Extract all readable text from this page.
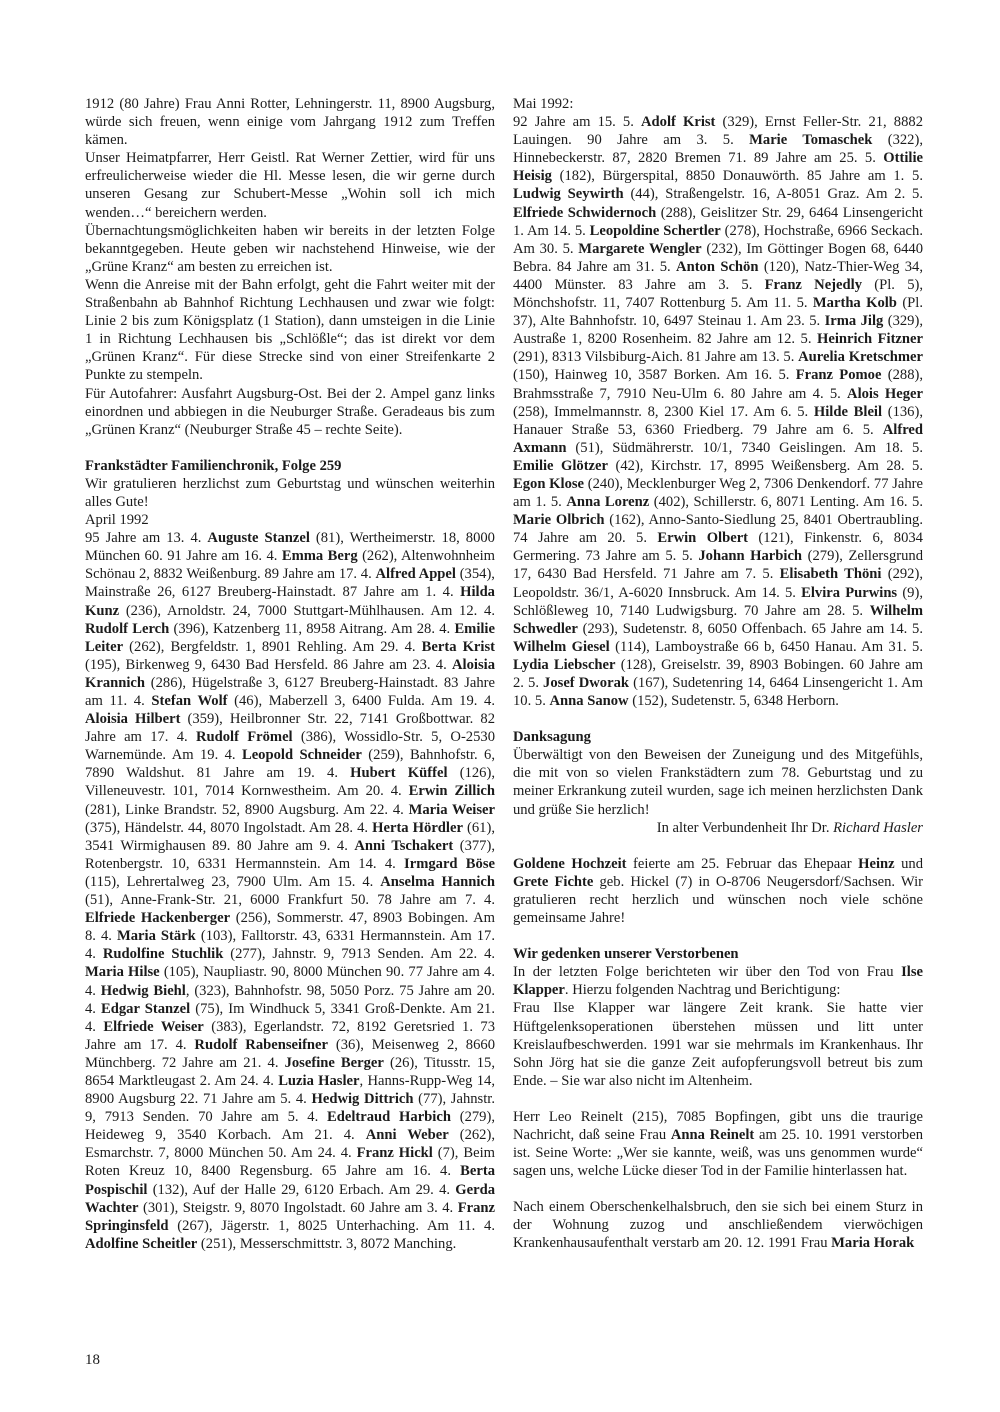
1912 (80 Jahre) Frau Anni Rotter, Lehningerstr. 11, 8900 Augsburg, würde sich freuen, wenn einige vom Jahrgang 1912 zum Treffen kämen.

Unser Heimatpfarrer, Herr Geistl. Rat Werner Zettier, wird für uns erfreulicherweise wieder die Hl. Messe lesen, die wir gerne durch unseren Gesang zur Schubert-Messe „Wohin soll ich mich wenden…“ bereichern werden.

Übernachtungsmöglichkeiten haben wir bereits in der letzten Folge bekanntgegeben. Heute geben wir nachstehend Hinweise, wie der „Grüne Kranz“ am besten zu erreichen ist.

Wenn die Anreise mit der Bahn erfolgt, geht die Fahrt weiter mit der Straßenbahn ab Bahnhof Richtung Lechhausen und zwar wie folgt: Linie 2 bis zum Königsplatz (1 Station), dann umsteigen in die Linie 1 in Richtung Lechhausen bis „Schlößle“; das ist direkt vor dem „Grünen Kranz“. Für diese Strecke sind von einer Streifenkarte 2 Punkte zu stempeln.

Für Autofahrer: Ausfahrt Augsburg-Ost. Bei der 2. Ampel ganz links einordnen und abbiegen in die Neuburger Straße. Geradeaus bis zum „Grünen Kranz“ (Neuburger Straße 45 – rechte Seite).

Frankstädter Familienchronik, Folge 259

Wir gratulieren herzlichst zum Geburtstag und wünschen weiterhin alles Gute!

April 1992

95 Jahre am 13. 4. Auguste Stanzel (81), Wertheimerstr. 18, 8000 München 60. 91 Jahre am 16. 4. Emma Berg (262), Altenwohnheim Schönau 2, 8832 Weißenburg. 89 Jahre am 17. 4. Alfred Appel (354), Mainstraße 26, 6127 Breuberg-Hainstadt. 87 Jahre am 1. 4. Hilda Kunz (236), Arnoldstr. 24, 7000 Stuttgart-Mühlhausen. Am 12. 4. Rudolf Lerch (396), Katzenberg 11, 8958 Aitrang. Am 28. 4. Emilie Leiter (262), Bergfeldstr. 1, 8901 Rehling. Am 29. 4. Berta Krist (195), Birkenweg 9, 6430 Bad Hersfeld. 86 Jahre am 23. 4. Aloisia Krannich (286), Hügelstraße 3, 6127 Breuberg-Hainstadt. 83 Jahre am 11. 4. Stefan Wolf (46), Maberzell 3, 6400 Fulda. Am 19. 4. Aloisia Hilbert (359), Heilbronner Str. 22, 7141 Großbottwar. 82 Jahre am 17. 4. Rudolf Frömel (386), Wossidlo-Str. 5, O-2530 Warnemünde. Am 19. 4. Leopold Schneider (259), Bahnhofstr. 6, 7890 Waldshut. 81 Jahre am 19. 4. Hubert Küffel (126), Villeneuvestr. 101, 7014 Kornwestheim. Am 20. 4. Erwin Zillich (281), Linke Brandstr. 52, 8900 Augsburg. Am 22. 4. Maria Weiser (375), Händelstr. 44, 8070 Ingolstadt. Am 28. 4. Herta Hördler (61), 3541 Wirmighausen 89. 80 Jahre am 9. 4. Anni Tschakert (377), Rotenbergstr. 10, 6331 Hermannstein. Am 14. 4. Irmgard Böse (115), Lehrertalweg 23, 7900 Ulm. Am 15. 4. Anselma Hannich (51), Anne-Frank-Str. 21, 6000 Frankfurt 50. 78 Jahre am 7. 4. Elfriede Hackenberger (256), Sommerstr. 47, 8903 Bobingen. Am 8. 4. Maria Stärk (103), Falltorstr. 43, 6331 Hermannstein. Am 17. 4. Rudolfine Stuchlik (277), Jahnstr. 9, 7913 Senden. Am 22. 4. Maria Hilse (105), Naupliastr. 90, 8000 München 90. 77 Jahre am 4. 4. Hedwig Biehl, (323), Bahnhofstr. 98, 5050 Porz. 75 Jahre am 20. 4. Edgar Stanzel (75), Im Windhuck 5, 3341 Groß-Denkte. Am 21. 4. Elfriede Weiser (383), Egerlandstr. 72, 8192 Geretsried 1. 73 Jahre am 17. 4. Rudolf Rabenseifner (36), Meisenweg 2, 8660 Münchberg. 72 Jahre am 21. 4. Josefine Berger (26), Titusstr. 15, 8654 Marktleugast 2. Am 24. 4. Luzia Hasler, Hanns-Rupp-Weg 14, 8900 Augsburg 22. 71 Jahre am 5. 4. Hedwig Dittrich (77), Jahnstr. 9, 7913 Senden. 70 Jahre am 5. 4. Edeltraud Harbich (279), Heideweg 9, 3540 Korbach. Am 21. 4. Anni Weber (262), Esmarchstr. 7, 8000 München 50. Am 24. 4. Franz Hickl (7), Beim Roten Kreuz 10, 8400 Regensburg. 65 Jahre am 16. 4. Berta Pospischil (132), Auf der Halle 29, 6120 Erbach. Am 29. 4. Gerda Wachter (301), Steigstr. 9, 8070 Ingolstadt. 60 Jahre am 3. 4. Franz Springinsfeld (267), Jägerstr. 1, 8025 Unterhaching. Am 11. 4. Adolfine Scheitler (251), Messerschmittstr. 3, 8072 Manching.

Mai 1992:

92 Jahre am 15. 5. Adolf Krist (329), Ernst Feller-Str. 21, 8882 Lauingen. 90 Jahre am 3. 5. Marie Tomaschek (322), Hinnebeckerstr. 87, 2820 Bremen 71. 89 Jahre am 25. 5. Ottilie Heisig (182), Bürgerspital, 8850 Donauwörth. 85 Jahre am 1. 5. Ludwig Seywirth (44), Straßengelstr. 16, A-8051 Graz. Am 2. 5. Elfriede Schwidernoch (288), Geislitzer Str. 29, 6464 Linsengericht 1. Am 14. 5. Leopoldine Schertler (278), Hochstraße, 6966 Seckach. Am 30. 5. Margarete Wengler (232), Im Göttinger Bogen 68, 6440 Bebra. 84 Jahre am 31. 5. Anton Schön (120), Natz-Thier-Weg 34, 4400 Münster. 83 Jahre am 3. 5. Franz Nejedly (Pl. 5), Mönchshofstr. 11, 7407 Rottenburg 5. Am 11. 5. Martha Kolb (Pl. 37), Alte Bahnhofstr. 10, 6497 Steinau 1. Am 23. 5. Irma Jilg (329), Austraße 1, 8200 Rosenheim. 82 Jahre am 12. 5. Heinrich Fitzner (291), 8313 Vilsbiburg-Aich. 81 Jahre am 13. 5. Aurelia Kretschmer (150), Hainweg 10, 3587 Borken. Am 16. 5. Franz Pomoe (288), Brahmsstraße 7, 7910 Neu-Ulm 6. 80 Jahre am 4. 5. Alois Heger (258), Immelmannstr. 8, 2300 Kiel 17. Am 6. 5. Hilde Bleil (136), Hanauer Straße 53, 6360 Friedberg. 79 Jahre am 6. 5. Alfred Axmann (51), Südmährerstr. 10/1, 7340 Geislingen. Am 18. 5. Emilie Glötzer (42), Kirchstr. 17, 8995 Weißensberg. Am 28. 5. Egon Klose (240), Mecklenburger Weg 2, 7306 Denkendorf. 77 Jahre am 1. 5. Anna Lorenz (402), Schillerstr. 6, 8071 Lenting. Am 16. 5. Marie Olbrich (162), Anno-Santo-Siedlung 25, 8401 Obertraubling. 74 Jahre am 20. 5. Erwin Olbert (121), Finkenstr. 6, 8034 Germering. 73 Jahre am 5. 5. Johann Harbich (279), Zellersgrund 17, 6430 Bad Hersfeld. 71 Jahre am 7. 5. Elisabeth Thöni (292), Leopoldstr. 36/1, A-6020 Innsbruck. Am 14. 5. Elvira Purwins (9), Schlößleweg 10, 7140 Ludwigsburg. 70 Jahre am 28. 5. Wilhelm Schwedler (293), Sudetenstr. 8, 6050 Offenbach. 65 Jahre am 14. 5. Wilhelm Giesel (114), Lamboystraße 66 b, 6450 Hanau. Am 31. 5. Lydia Liebscher (128), Greiselstr. 39, 8903 Bobingen. 60 Jahre am 2. 5. Josef Dworak (167), Sudetenring 14, 6464 Linsengericht 1. Am 10. 5. Anna Sanow (152), Sudetenstr. 5, 6348 Herborn.

Danksagung

Überwältigt von den Beweisen der Zuneigung und des Mitgefühls, die mit von so vielen Frankstädtern zum 78. Geburtstag und zu meiner Erkrankung zuteil wurden, sage ich meinen herzlichsten Dank und grüße Sie herzlich!

In alter Verbundenheit Ihr Dr. Richard Hasler

Goldene Hochzeit feierte am 25. Februar das Ehepaar Heinz und Grete Fichte geb. Hickel (7) in O-8706 Neugersdorf/Sachsen. Wir gratulieren recht herzlich und wünschen noch viele schöne gemeinsame Jahre!

Wir gedenken unserer Verstorbenen

In der letzten Folge berichteten wir über den Tod von Frau Ilse Klapper. Hierzu folgenden Nachtrag und Berichtigung:

Frau Ilse Klapper war längere Zeit krank. Sie hatte vier Hüftgelenksoperationen überstehen müssen und litt unter Kreislaufbeschwerden. 1991 war sie mehrmals im Krankenhaus. Ihr Sohn Jörg hat sie die ganze Zeit aufopferungsvoll betreut bis zum Ende. – Sie war also nicht im Altenheim.

Herr Leo Reinelt (215), 7085 Bopfingen, gibt uns die traurige Nachricht, daß seine Frau Anna Reinelt am 25. 10. 1991 verstorben ist. Seine Worte: „Wer sie kannte, weiß, was uns genommen wurde“ sagen uns, welche Lücke dieser Tod in der Familie hinterlassen hat.

Nach einem Oberschenkelhalsbruch, den sie sich bei einem Sturz in der Wohnung zuzog und anschließendem vierwöchigen Krankenhausaufenthalt verstarb am 20. 12. 1991 Frau Maria Horak

18
